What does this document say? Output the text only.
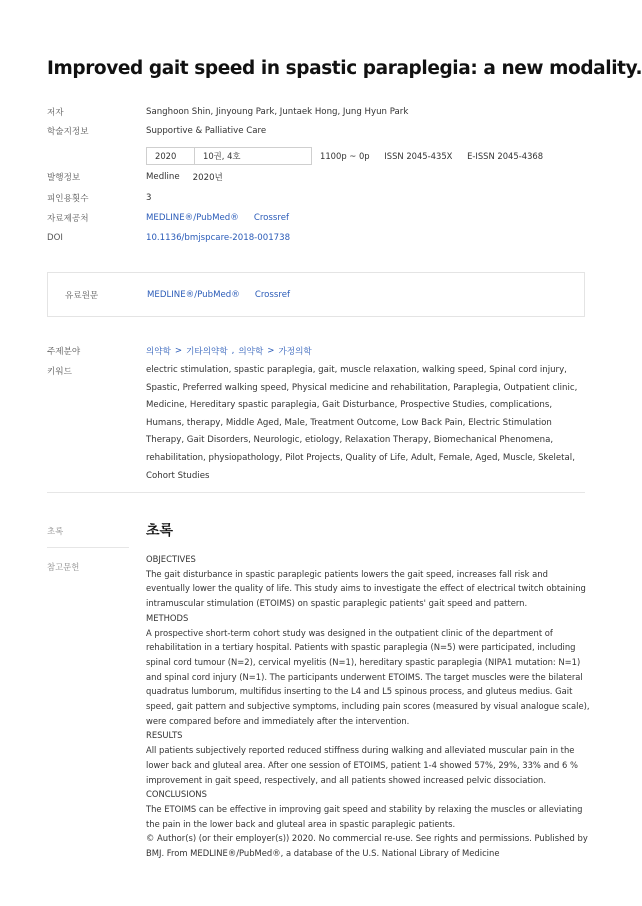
Improved gait speed in spastic paraplegia: a new modality.
저자	Sanghoon Shin, Jinyoung Park, Juntaek Hong, Jung Hyun Park
학술지정보	Supportive & Palliative Care
2020	10권, 4호	1100p ~ 0p ISSN 2045-435X E-ISSN 2045-4368
발행정보	Medline 2020년
피인용횟수	3
자료제공처	MEDLINE®/PubMed® Crossref
DOI	10.1136/bmjspcare-2018-001738
유료원문	MEDLINE®/PubMed® Crossref
주제분야	의약학 > 기타의약학 , 의약학 > 가정의학
키워드	electric stimulation, spastic paraplegia, gait, muscle relaxation, walking speed, Spinal cord injury, Spastic, Preferred walking speed, Physical medicine and rehabilitation, Paraplegia, Outpatient clinic, Medicine, Hereditary spastic paraplegia, Gait Disturbance, Prospective Studies, complications, Humans, therapy, Middle Aged, Male, Treatment Outcome, Low Back Pain, Electric Stimulation Therapy, Gait Disorders, Neurologic, etiology, Relaxation Therapy, Biomechanical Phenomena, rehabilitation, physiopathology, Pilot Projects, Quality of Life, Adult, Female, Aged, Muscle, Skeletal, Cohort Studies
초록
참고문헌
초록

OBJECTIVES

The gait disturbance in spastic paraplegic patients lowers the gait speed, increases fall risk and eventually lower the quality of life. This study aims to investigate the effect of electrical twitch obtaining intramuscular stimulation (ETOIMS) on spastic paraplegic patients' gait speed and pattern.

METHODS

A prospective short-term cohort study was designed in the outpatient clinic of the department of rehabilitation in a tertiary hospital. Patients with spastic paraplegia (N=5) were participated, including spinal cord tumour (N=2), cervical myelitis (N=1), hereditary spastic paraplegia (NIPA1 mutation: N=1) and spinal cord injury (N=1). The participants underwent ETOIMS. The target muscles were the bilateral quadratus lumborum, multifidus inserting to the L4 and L5 spinous process, and gluteus medius. Gait speed, gait pattern and subjective symptoms, including pain scores (measured by visual analogue scale), were compared before and immediately after the intervention.

RESULTS

All patients subjectively reported reduced stiffness during walking and alleviated muscular pain in the lower back and gluteal area. After one session of ETOIMS, patient 1-4 showed 57%, 29%, 33% and 6 % improvement in gait speed, respectively, and all patients showed increased pelvic dissociation.

CONCLUSIONS

The ETOIMS can be effective in improving gait speed and stability by relaxing the muscles or alleviating the pain in the lower back and gluteal area in spastic paraplegic patients.

© Author(s) (or their employer(s)) 2020. No commercial re-use. See rights and permissions. Published by BMJ. From MEDLINE®/PubMed®, a database of the U.S. National Library of Medicine
